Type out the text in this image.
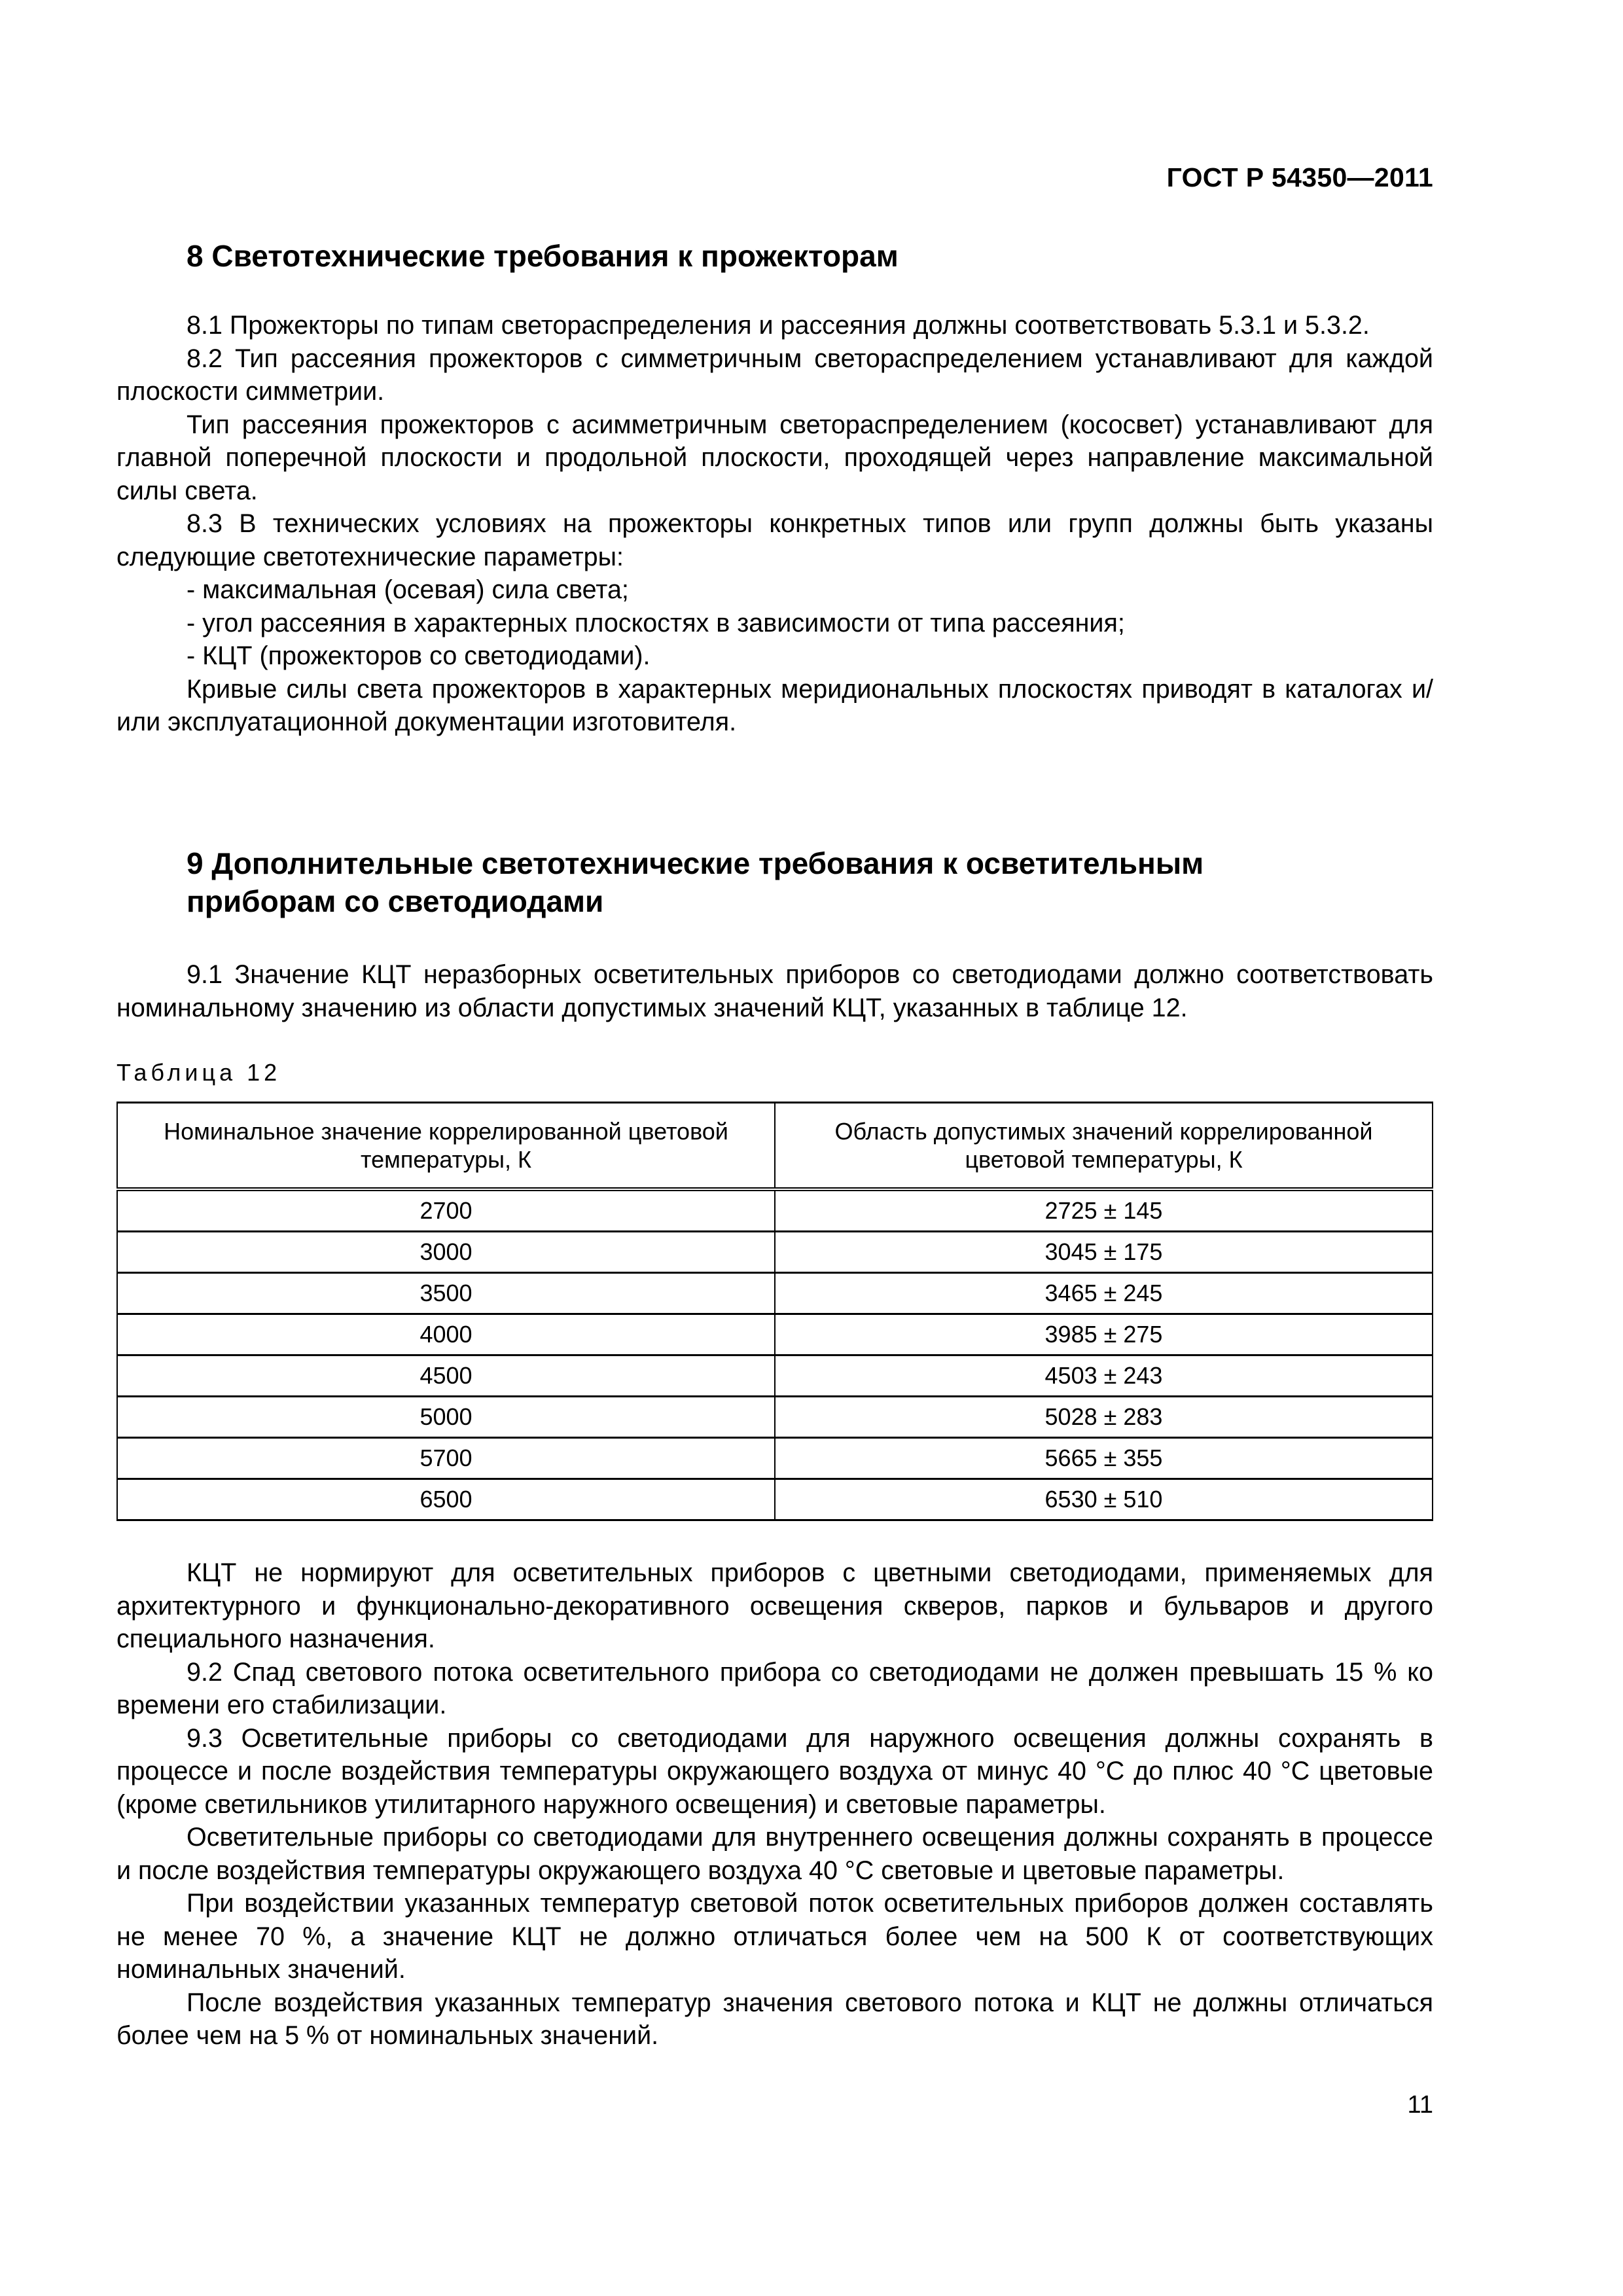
ГОСТ Р 54350—2011
8 Светотехнические требования к прожекторам

8.1 Прожекторы по типам светораспределения и рассеяния должны соответствовать 5.3.1 и 5.3.2.

8.2 Тип рассеяния прожекторов с симметричным светораспределением устанавливают для каждой плоскости симметрии.

Тип рассеяния прожекторов с асимметричным светораспределением (кососвет) устанавливают для главной поперечной плоскости и продольной плоскости, проходящей через направление максимальной силы света.

8.3 В технических условиях на прожекторы конкретных типов или групп должны быть указаны следующие светотехнические параметры:

- максимальная (осевая) сила света;

- угол рассеяния в характерных плоскостях в зависимости от типа рассеяния;

- КЦТ (прожекторов со светодиодами).

Кривые силы света прожекторов в характерных меридиональных плоскостях приводят в каталогах и/или эксплуатационной документации изготовителя.

9 Дополнительные светотехнические требования к осветительным
приборам со светодиодами

9.1 Значение КЦТ неразборных осветительных приборов со светодиодами должно соответствовать номинальному значению из области допустимых значений КЦТ, указанных в таблице 12.

Таблица 12

Номинальное значение коррелированной цветовой температуры, К	Область допустимых значений коррелированной цветовой температуры, К
2700	2725 ± 145
3000	3045 ± 175
3500	3465 ± 245
4000	3985 ± 275
4500	4503 ± 243
5000	5028 ± 283
5700	5665 ± 355
6500	6530 ± 510

КЦТ не нормируют для осветительных приборов с цветными светодиодами, применяемых для архитектурного и функционально-декоративного освещения скверов, парков и бульваров и другого специального назначения.

9.2 Спад светового потока осветительного прибора со светодиодами не должен превышать 15 % ко времени его стабилизации.

9.3 Осветительные приборы со светодиодами для наружного освещения должны сохранять в процессе и после воздействия температуры окружающего воздуха от минус 40 °С до плюс 40 °С цветовые (кроме светильников утилитарного наружного освещения) и световые параметры.

Осветительные приборы со светодиодами для внутреннего освещения должны сохранять в процессе и после воздействия температуры окружающего воздуха 40 °С световые и цветовые параметры.

При воздействии указанных температур световой поток осветительных приборов должен составлять не менее 70 %, а значение КЦТ не должно отличаться более чем на 500 К от соответствующих номинальных значений.

После воздействия указанных температур значения светового потока и КЦТ не должны отличаться более чем на 5 % от номинальных значений.

11
